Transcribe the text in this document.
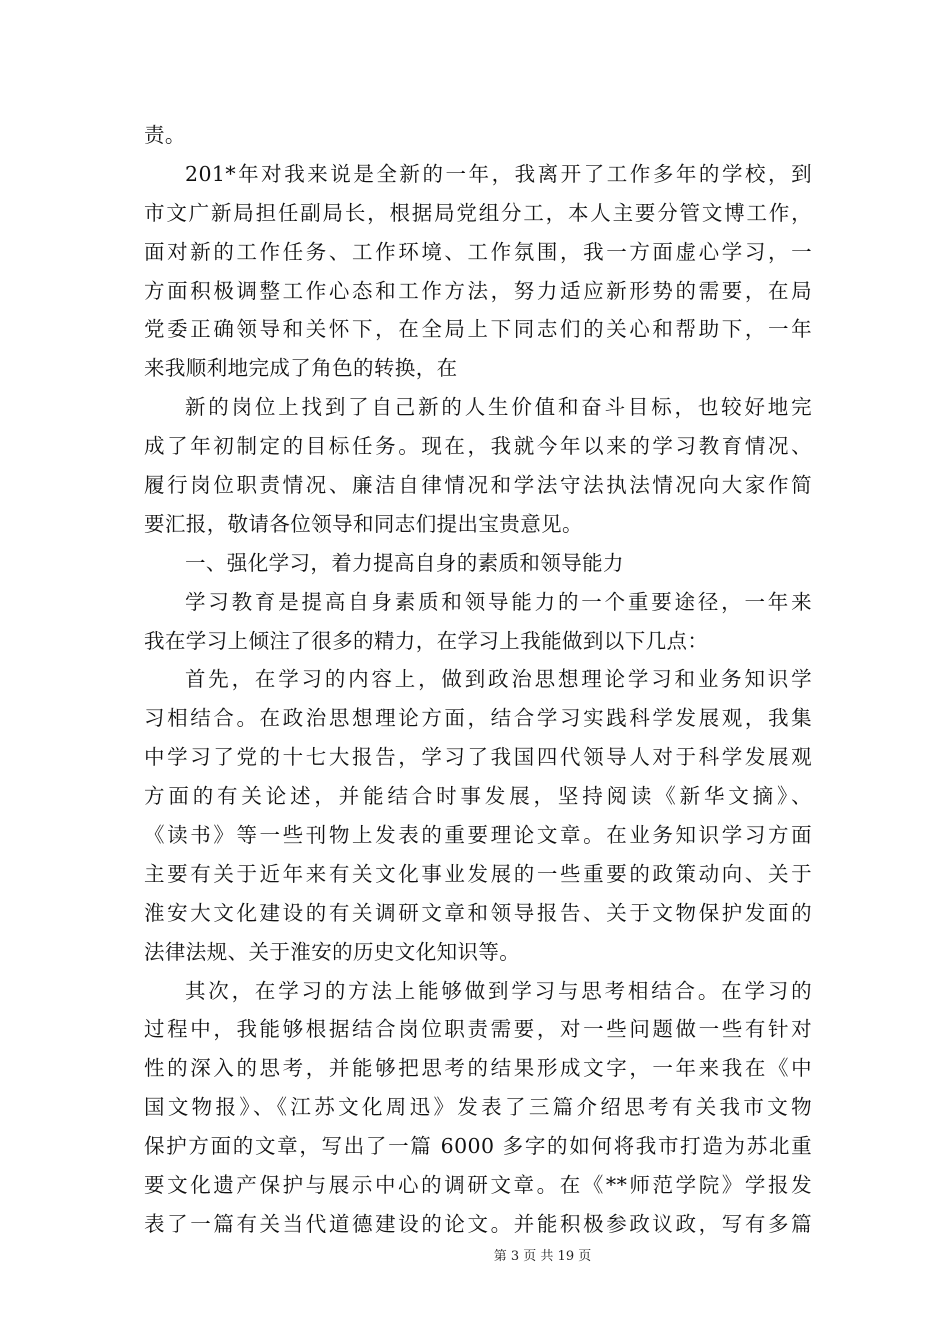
责。
201*年对我来说是全新的一年，我离开了工作多年的学校，到
市文广新局担任副局长，根据局党组分工，本人主要分管文博工作，
面对新的工作任务、工作环境、工作氛围，我一方面虚心学习，一
方面积极调整工作心态和工作方法，努力适应新形势的需要，在局
党委正确领导和关怀下，在全局上下同志们的关心和帮助下，一年
来我顺利地完成了角色的转换，在
新的岗位上找到了自己新的人生价值和奋斗目标，也较好地完
成了年初制定的目标任务。现在，我就今年以来的学习教育情况、
履行岗位职责情况、廉洁自律情况和学法守法执法情况向大家作简
要汇报，敬请各位领导和同志们提出宝贵意见。
一、强化学习，着力提高自身的素质和领导能力
学习教育是提高自身素质和领导能力的一个重要途径，一年来
我在学习上倾注了很多的精力，在学习上我能做到以下几点：
首先，在学习的内容上，做到政治思想理论学习和业务知识学
习相结合。在政治思想理论方面，结合学习实践科学发展观，我集
中学习了党的十七大报告，学习了我国四代领导人对于科学发展观
方面的有关论述，并能结合时事发展，坚持阅读《新华文摘》、
《读书》等一些刊物上发表的重要理论文章。在业务知识学习方面
主要有关于近年来有关文化事业发展的一些重要的政策动向、关于
淮安大文化建设的有关调研文章和领导报告、关于文物保护发面的
法律法规、关于淮安的历史文化知识等。
其次，在学习的方法上能够做到学习与思考相结合。在学习的
过程中，我能够根据结合岗位职责需要，对一些问题做一些有针对
性的深入的思考，并能够把思考的结果形成文字，一年来我在《中
国文物报》、《江苏文化周迅》发表了三篇介绍思考有关我市文物
保护方面的文章，写出了一篇 6000 多字的如何将我市打造为苏北重
要文化遗产保护与展示中心的调研文章。在《**师范学院》学报发
表了一篇有关当代道德建设的论文。并能积极参政议政，写有多篇
第 3 页 共 19 页
